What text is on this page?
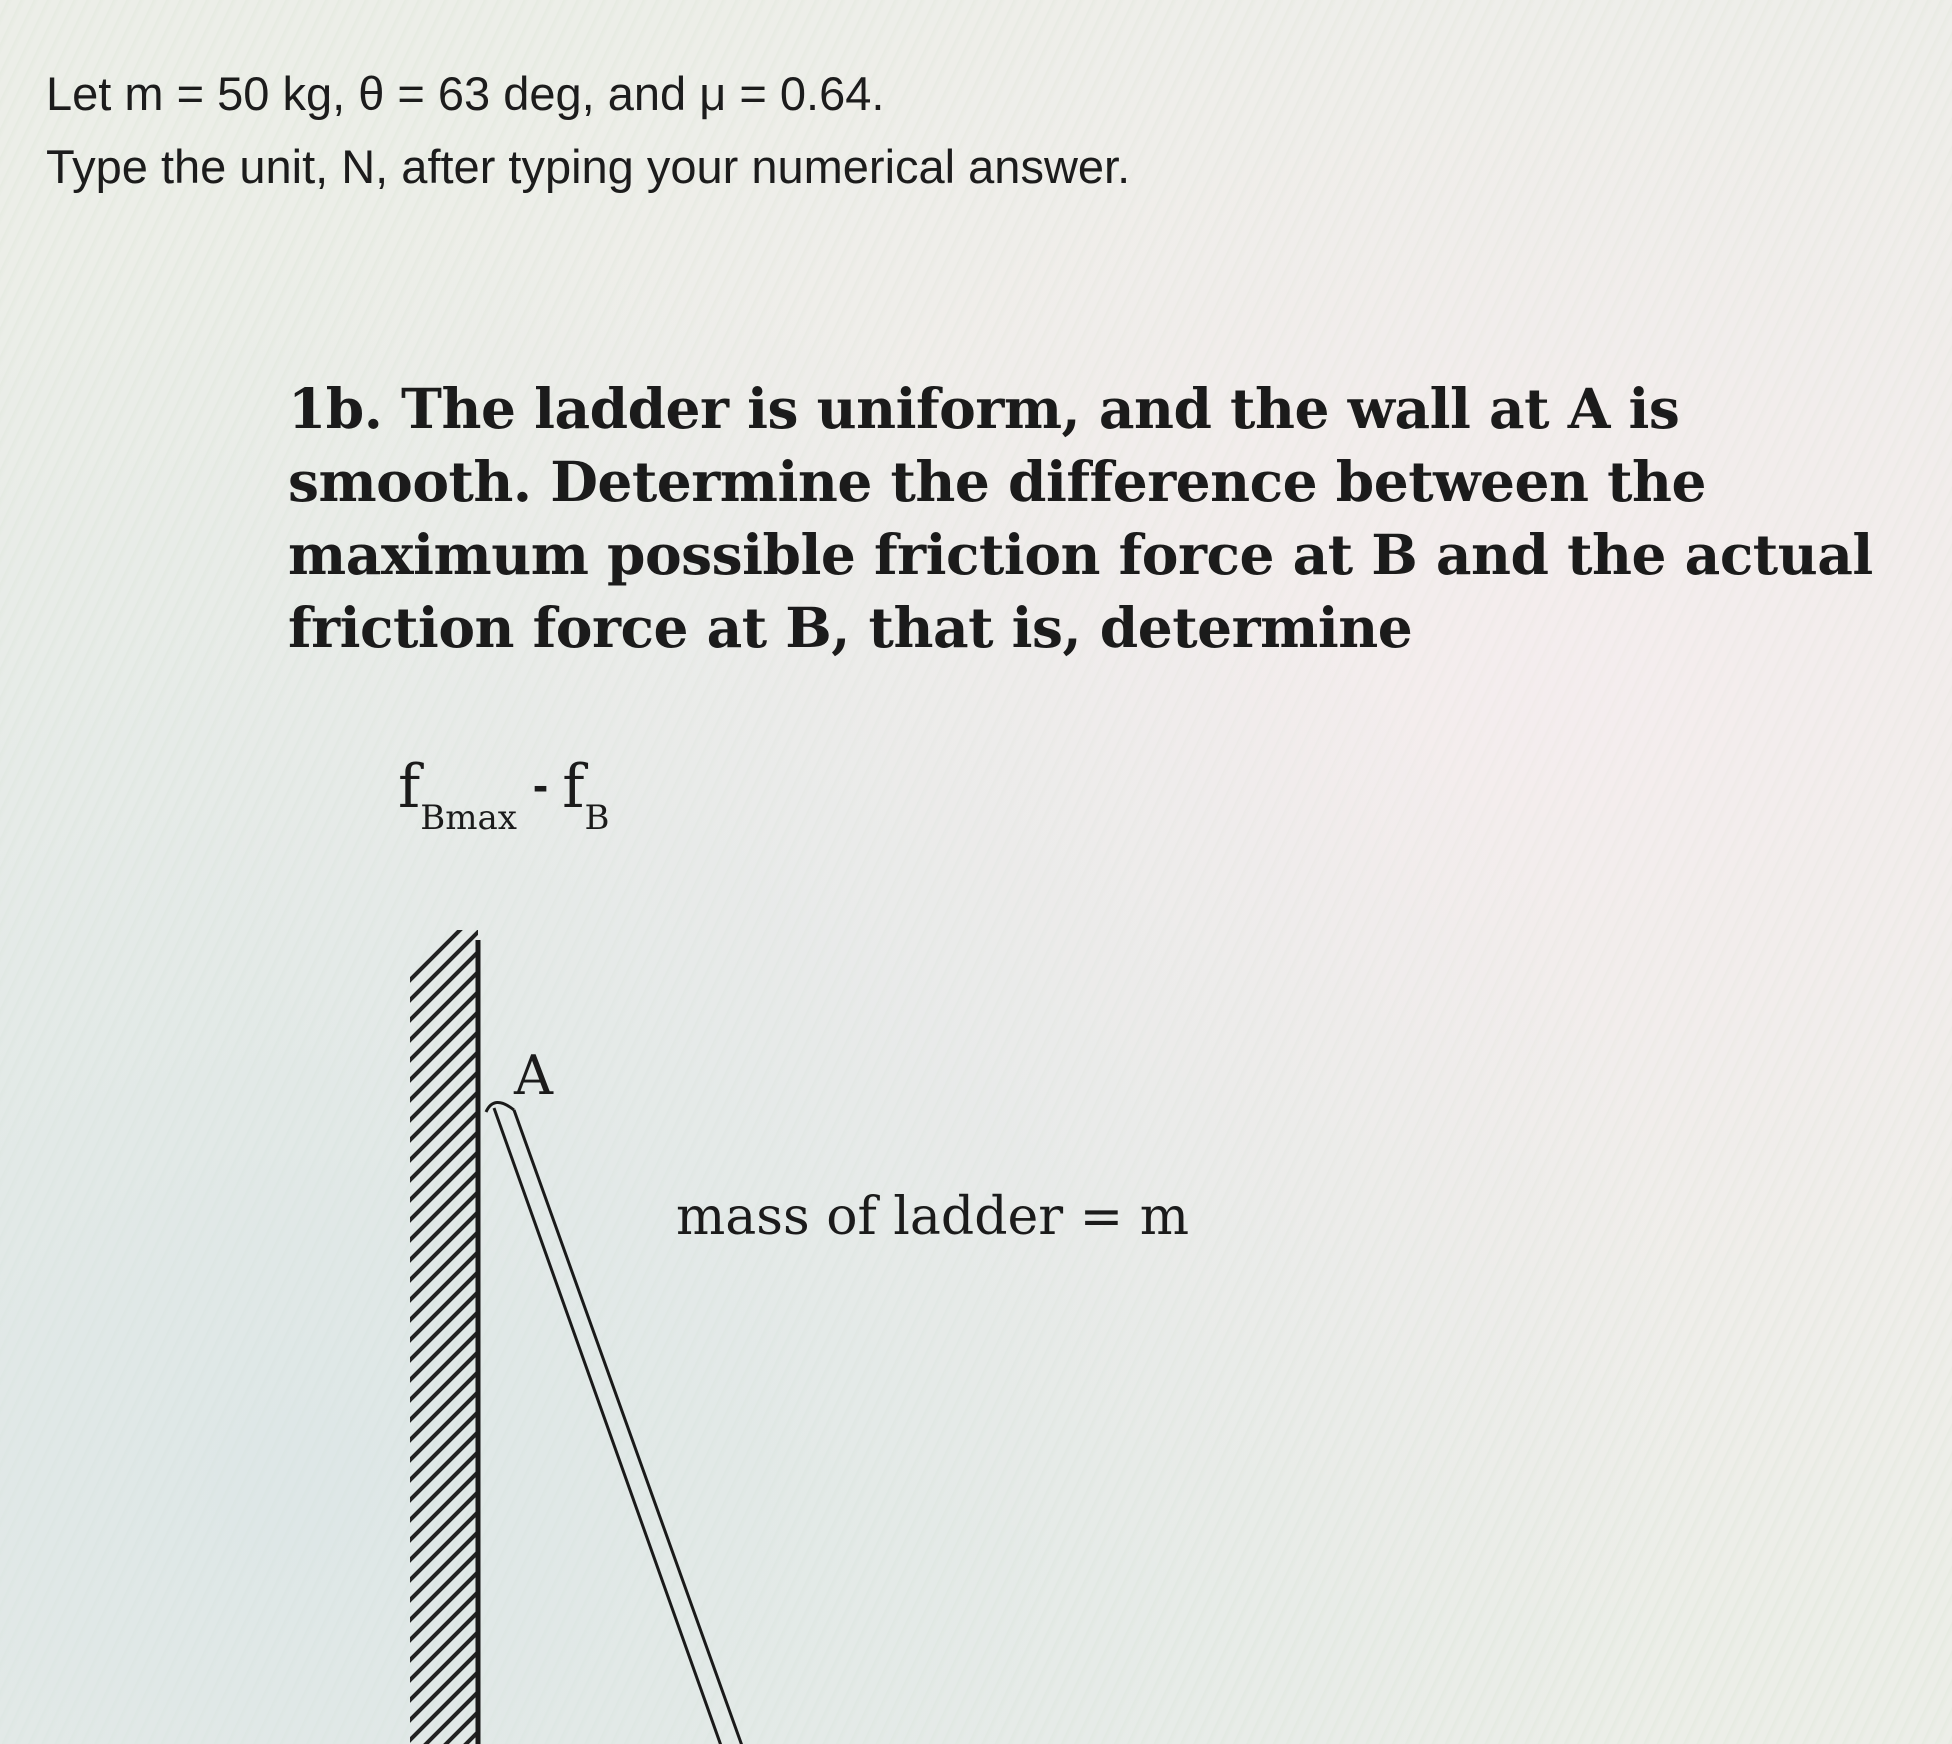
Let m = 50 kg, θ = 63 deg, and μ = 0.64.
Type the unit, N, after typing your numerical answer.
1b. The ladder is uniform, and the wall at A is smooth. Determine the difference between the maximum possible friction force at B and the actual friction force at B, that is, determine
$f_{Bmax}-$ $f_B$
A
mass of ladder = m
